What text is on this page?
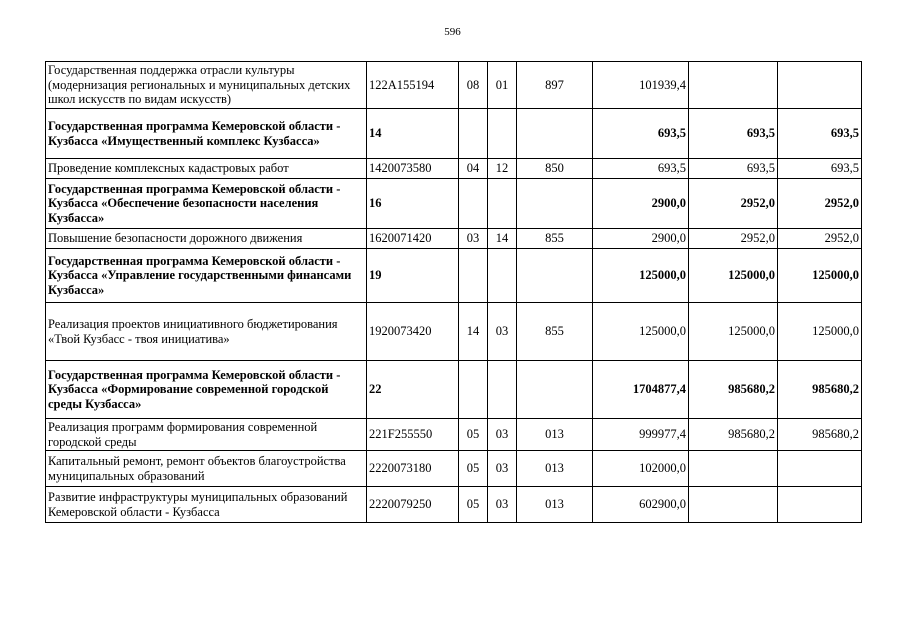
596
Государственная поддержка отрасли культуры (модернизация региональных и муниципальных детских школ искусств по видам искусств)	122A155194	08	01	897	101939,4		
Государственная программа Кемеровской области - Кузбасса «Имущественный комплекс Кузбасса»	14				693,5	693,5	693,5
Проведение комплексных кадастровых работ	1420073580	04	12	850	693,5	693,5	693,5
Государственная программа Кемеровской области - Кузбасса «Обеспечение безопасности населения Кузбасса»	16				2900,0	2952,0	2952,0
Повышение безопасности дорожного движения	1620071420	03	14	855	2900,0	2952,0	2952,0
Государственная программа Кемеровской области - Кузбасса «Управление государственными финансами Кузбасса»	19				125000,0	125000,0	125000,0
Реализация проектов инициативного бюджетирования «Твой Кузбасс - твоя инициатива»	1920073420	14	03	855	125000,0	125000,0	125000,0
Государственная программа Кемеровской области - Кузбасса «Формирование современной городской среды Кузбасса»	22				1704877,4	985680,2	985680,2
Реализация программ формирования современной городской среды	221F255550	05	03	013	999977,4	985680,2	985680,2
Капитальный ремонт, ремонт объектов благоустройства муниципальных образований	2220073180	05	03	013	102000,0		
Развитие инфраструктуры муниципальных образований Кемеровской области - Кузбасса	2220079250	05	03	013	602900,0		
